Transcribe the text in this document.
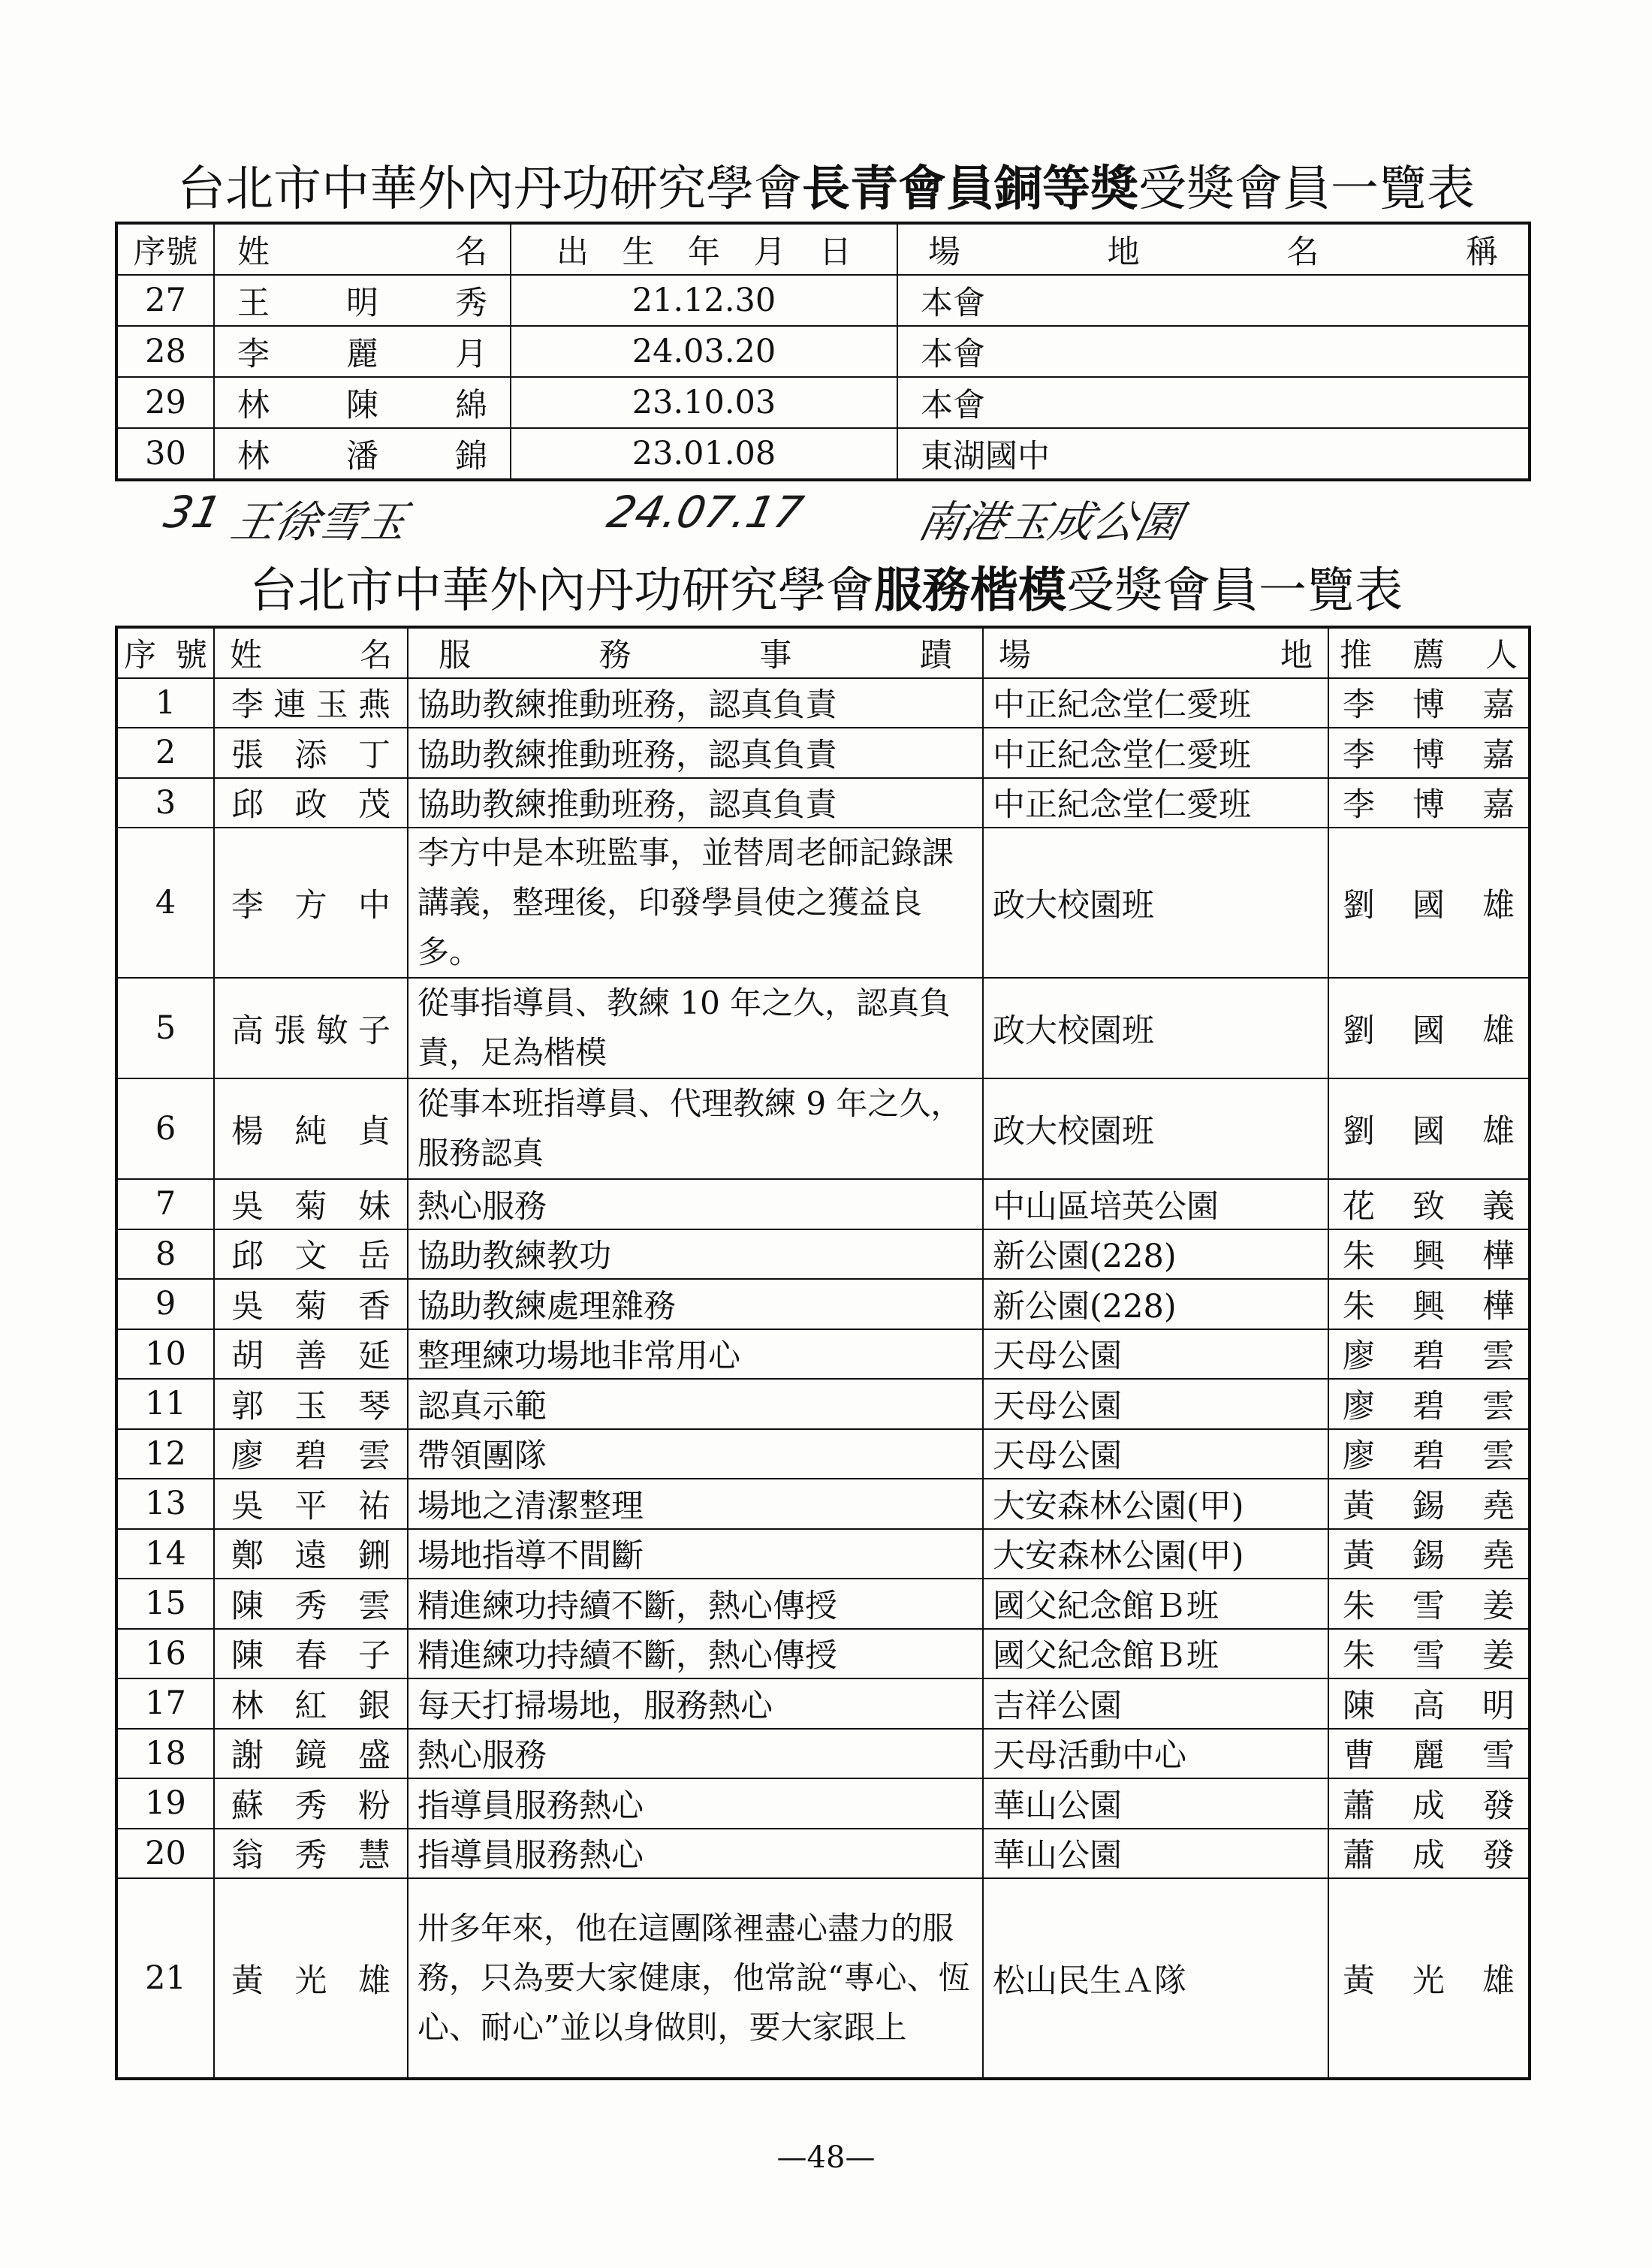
台北市中華外內丹功研究學會長青會員銅等獎受獎會員一覽表
序號	姓名	出生年月日	場地名稱
27	王明秀	21.12.30	本會
28	李麗月	24.03.20	本會
29	林陳綿	23.10.03	本會
30	林潘錦	23.01.08	東湖國中
31 王徐雪玉	24.07.17 南港玉成公園
台北市中華外內丹功研究學會服務楷模受獎會員一覽表
序號	姓名	服務事蹟	場地	推薦人
1	李連玉燕	協助教練推動班務，認真負責	中正紀念堂仁愛班	李博嘉
2	張添丁	協助教練推動班務，認真負責	中正紀念堂仁愛班	李博嘉
3	邱政茂	協助教練推動班務，認真負責	中正紀念堂仁愛班	李博嘉
4	李方中	李方中是本班監事，並替周老師記錄課講義，整理後，印發學員使之獲益良多。	政大校園班	劉國雄
5	高張敏子	從事指導員、教練 10 年之久，認真負責，足為楷模	政大校園班	劉國雄
6	楊純貞	從事本班指導員、代理教練 9 年之久，服務認真	政大校園班	劉國雄
7	吳菊妹	熱心服務	中山區培英公園	花致義
8	邱文岳	協助教練教功	新公園(228)	朱興樺
9	吳菊香	協助教練處理雜務	新公園(228)	朱興樺
10	胡善延	整理練功場地非常用心	天母公園	廖碧雲
11	郭玉琴	認真示範	天母公園	廖碧雲
12	廖碧雲	帶領團隊	天母公園	廖碧雲
13	吳平祐	場地之清潔整理	大安森林公園(甲)	黃錫堯
14	鄭遠鉶	場地指導不間斷	大安森林公園(甲)	黃錫堯
15	陳秀雲	精進練功持續不斷，熱心傳授	國父紀念館Ｂ班	朱雪姜
16	陳春子	精進練功持續不斷，熱心傳授	國父紀念館Ｂ班	朱雪姜
17	林紅銀	每天打掃場地，服務熱心	吉祥公園	陳高明
18	謝鏡盛	熱心服務	天母活動中心	曹麗雪
19	蘇秀粉	指導員服務熱心	華山公園	蕭成發
20	翁秀慧	指導員服務熱心	華山公園	蕭成發
21	黃光雄	卅多年來，他在這團隊裡盡心盡力的服務，只為要大家健康，他常說“專心、恆心、耐心”並以身做則，要大家跟上	松山民生Ａ隊	黃光雄
—48—
